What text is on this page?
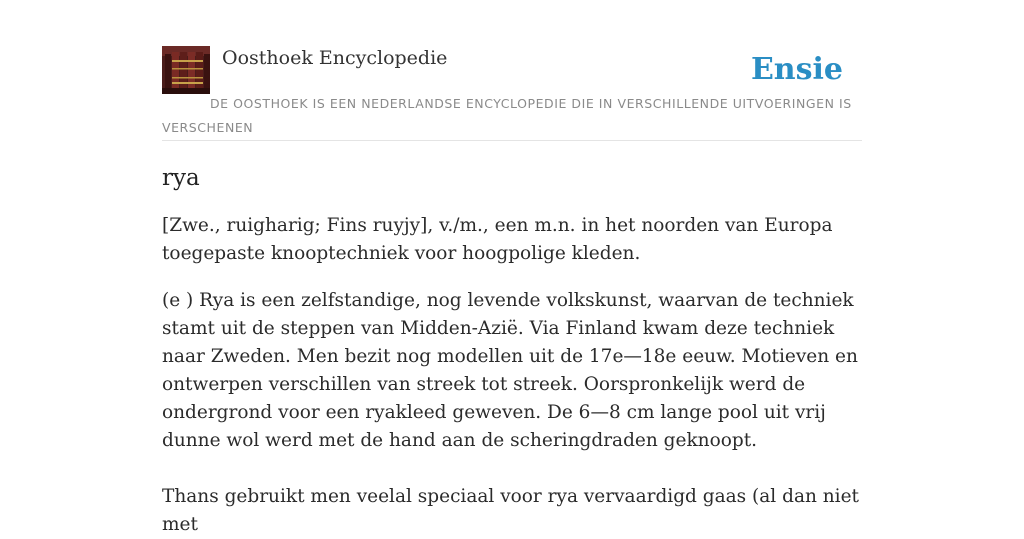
Oosthoek Encyclopedie	Ensie
DE OOSTHOEK IS EEN NEDERLANDSE ENCYCLOPEDIE DIE IN VERSCHILLENDE UITVOERINGEN IS VERSCHENEN
rya

[Zwe., ruigharig; Fins ruyjy], v./m., een m.n. in het noorden van Europa toegepaste knooptechniek voor hoogpolige kleden.

(e ) Rya is een zelfstandige, nog levende volkskunst, waarvan de techniek stamt uit de steppen van Midden-Azië. Via Finland kwam deze techniek naar Zweden. Men bezit nog modellen uit de 17e—18e eeuw. Motieven en ontwerpen verschillen van streek tot streek. Oorspronkelijk werd de ondergrond voor een ryakleed geweven. De 6—8 cm lange pool uit vrij dunne wol werd met de hand aan de scheringdraden geknoopt.

Thans gebruikt men veelal speciaal voor rya vervaardigd gaas (al dan niet met
